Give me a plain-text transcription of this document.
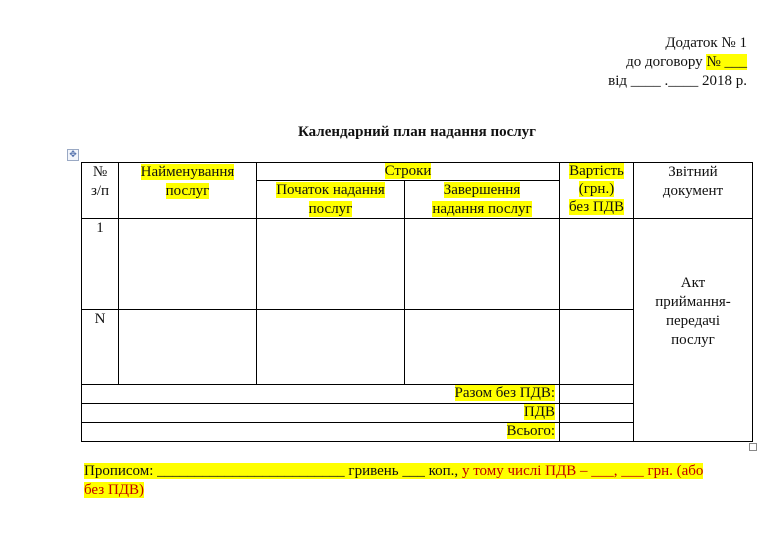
Додаток № 1
до договору № ___
від ____ .____ 2018 р.
Календарний план надання послуг
✥
№
з/п
Найменування
послуг
Строки
Початок надання
послуг
Завершення
надання послуг
Вартість
(грн.)
без ПДВ
Звітний
документ
1
N
Акт
приймання-
передачі
послуг
Разом без ПДВ:
ПДВ
Всього:
Прописом: _________________________ гривень ___ коп., у тому числі ПДВ – ___, ___ грн. (або
без ПДВ)
